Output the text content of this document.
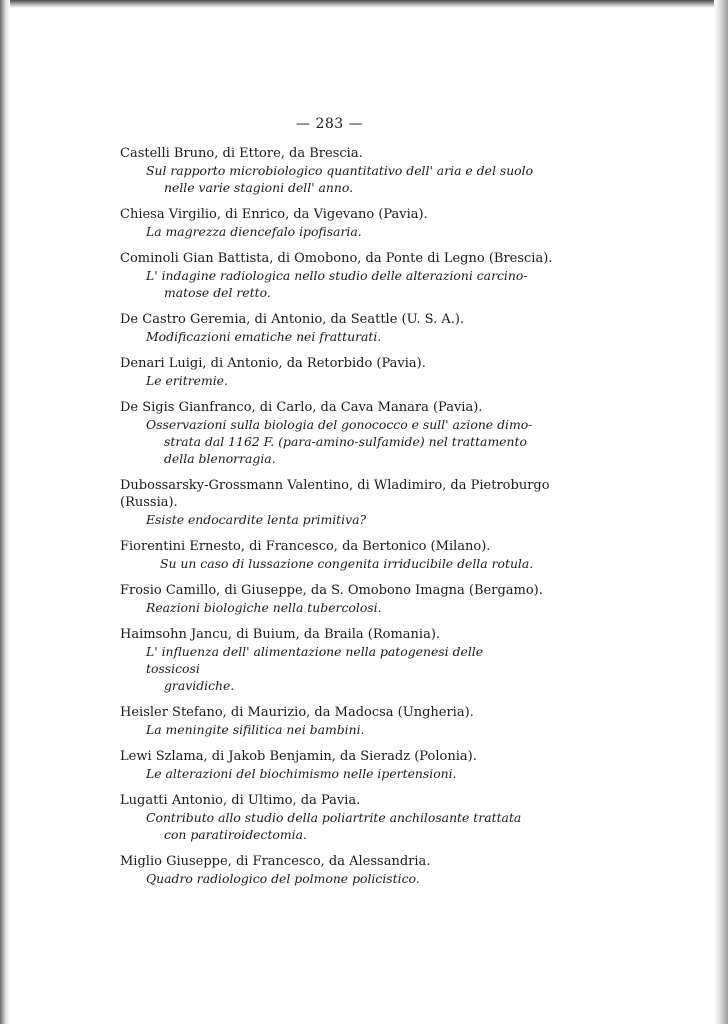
— 283 —
Castelli Bruno, di Ettore, da Brescia.
Sul rapporto microbiologico quantitativo dell' aria e del suolo
nelle varie stagioni dell' anno.
Chiesa Virgilio, di Enrico, da Vigevano (Pavia).
La magrezza diencefalo ipofisaria.
Cominoli Gian Battista, di Omobono, da Ponte di Legno (Brescia).
L' indagine radiologica nello studio delle alterazioni carcino-
matose del retto.
De Castro Geremia, di Antonio, da Seattle (U. S. A.).
Modificazioni ematiche nei fratturati.
Denari Luigi, di Antonio, da Retorbido (Pavia).
Le eritremie.
De Sigis Gianfranco, di Carlo, da Cava Manara (Pavia).
Osservazioni sulla biologia del gonococco e sull' azione dimo-
strata dal 1162 F. (para-amino-sulfamide) nel trattamento
della blenorragia.
Dubossarsky-Grossmann Valentino, di Wladimiro, da Pietroburgo
(Russia).
Esiste endocardite lenta primitiva?
Fiorentini Ernesto, di Francesco, da Bertonico (Milano).
Su un caso di lussazione congenita irriducibile della rotula.
Frosio Camillo, di Giuseppe, da S. Omobono Imagna (Bergamo).
Reazioni biologiche nella tubercolosi.
Haimsohn Jancu, di Buium, da Braila (Romania).
L' influenza dell' alimentazione nella patogenesi delle tossicosi
gravidiche.
Heisler Stefano, di Maurizio, da Madocsa (Ungheria).
La meningite sifilitica nei bambini.
Lewi Szlama, di Jakob Benjamin, da Sieradz (Polonia).
Le alterazioni del biochimismo nelle ipertensioni.
Lugatti Antonio, di Ultimo, da Pavia.
Contributo allo studio della poliartrite anchilosante trattata
con paratiroidectomia.
Miglio Giuseppe, di Francesco, da Alessandria.
Quadro radiologico del polmone policistico.
